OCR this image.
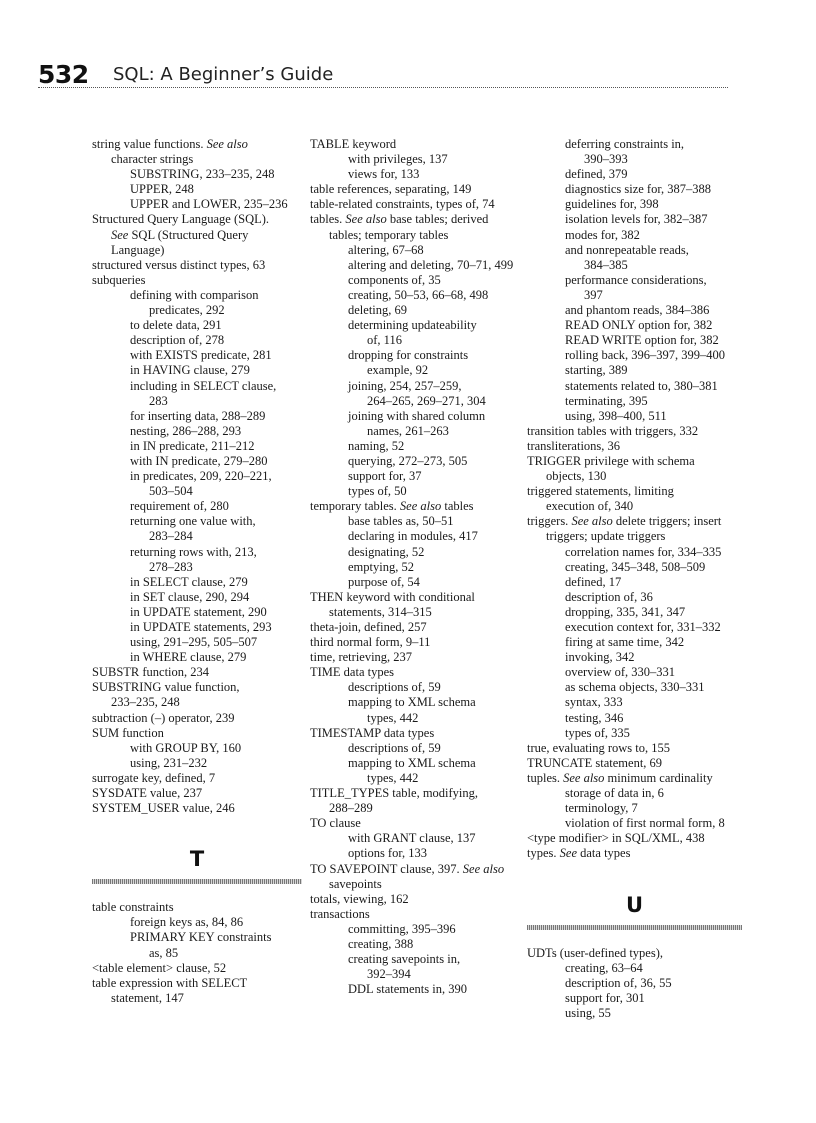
532 SQL: A Beginner’s Guide
string value functions. See also
character strings
SUBSTRING, 233–235, 248
UPPER, 248
UPPER and LOWER, 235–236
Structured Query Language (SQL).
See SQL (Structured Query
Language)
structured versus distinct types, 63
subqueries
defining with comparison
predicates, 292
to delete data, 291
description of, 278
with EXISTS predicate, 281
in HAVING clause, 279
including in SELECT clause,
283
for inserting data, 288–289
nesting, 286–288, 293
in IN predicate, 211–212
with IN predicate, 279–280
in predicates, 209, 220–221,
503–504
requirement of, 280
returning one value with,
283–284
returning rows with, 213,
278–283
in SELECT clause, 279
in SET clause, 290, 294
in UPDATE statement, 290
in UPDATE statements, 293
using, 291–295, 505–507
in WHERE clause, 279
SUBSTR function, 234
SUBSTRING value function,
233–235, 248
subtraction (–) operator, 239
SUM function
with GROUP BY, 160
using, 231–232
surrogate key, defined, 7
SYSDATE value, 237
SYSTEM_USER value, 246
T
table constraints
foreign keys as, 84, 86
PRIMARY KEY constraints
as, 85
<table element> clause, 52
table expression with SELECT
statement, 147
TABLE keyword
with privileges, 137
views for, 133
table references, separating, 149
table-related constraints, types of, 74
tables. See also base tables; derived
tables; temporary tables
altering, 67–68
altering and deleting, 70–71, 499
components of, 35
creating, 50–53, 66–68, 498
deleting, 69
determining updateability
of, 116
dropping for constraints
example, 92
joining, 254, 257–259,
264–265, 269–271, 304
joining with shared column
names, 261–263
naming, 52
querying, 272–273, 505
support for, 37
types of, 50
temporary tables. See also tables
base tables as, 50–51
declaring in modules, 417
designating, 52
emptying, 52
purpose of, 54
THEN keyword with conditional
statements, 314–315
theta-join, defined, 257
third normal form, 9–11
time, retrieving, 237
TIME data types
descriptions of, 59
mapping to XML schema
types, 442
TIMESTAMP data types
descriptions of, 59
mapping to XML schema
types, 442
TITLE_TYPES table, modifying,
288–289
TO clause
with GRANT clause, 137
options for, 133
TO SAVEPOINT clause, 397. See also
savepoints
totals, viewing, 162
transactions
committing, 395–396
creating, 388
creating savepoints in,
392–394
DDL statements in, 390
deferring constraints in,
390–393
defined, 379
diagnostics size for, 387–388
guidelines for, 398
isolation levels for, 382–387
modes for, 382
and nonrepeatable reads,
384–385
performance considerations,
397
and phantom reads, 384–386
READ ONLY option for, 382
READ WRITE option for, 382
rolling back, 396–397, 399–400
starting, 389
statements related to, 380–381
terminating, 395
using, 398–400, 511
transition tables with triggers, 332
transliterations, 36
TRIGGER privilege with schema
objects, 130
triggered statements, limiting
execution of, 340
triggers. See also delete triggers; insert
triggers; update triggers
correlation names for, 334–335
creating, 345–348, 508–509
defined, 17
description of, 36
dropping, 335, 341, 347
execution context for, 331–332
firing at same time, 342
invoking, 342
overview of, 330–331
as schema objects, 330–331
syntax, 333
testing, 346
types of, 335
true, evaluating rows to, 155
TRUNCATE statement, 69
tuples. See also minimum cardinality
storage of data in, 6
terminology, 7
violation of first normal form, 8
<type modifier> in SQL/XML, 438
types. See data types
U
UDTs (user-defined types),
creating, 63–64
description of, 36, 55
support for, 301
using, 55
